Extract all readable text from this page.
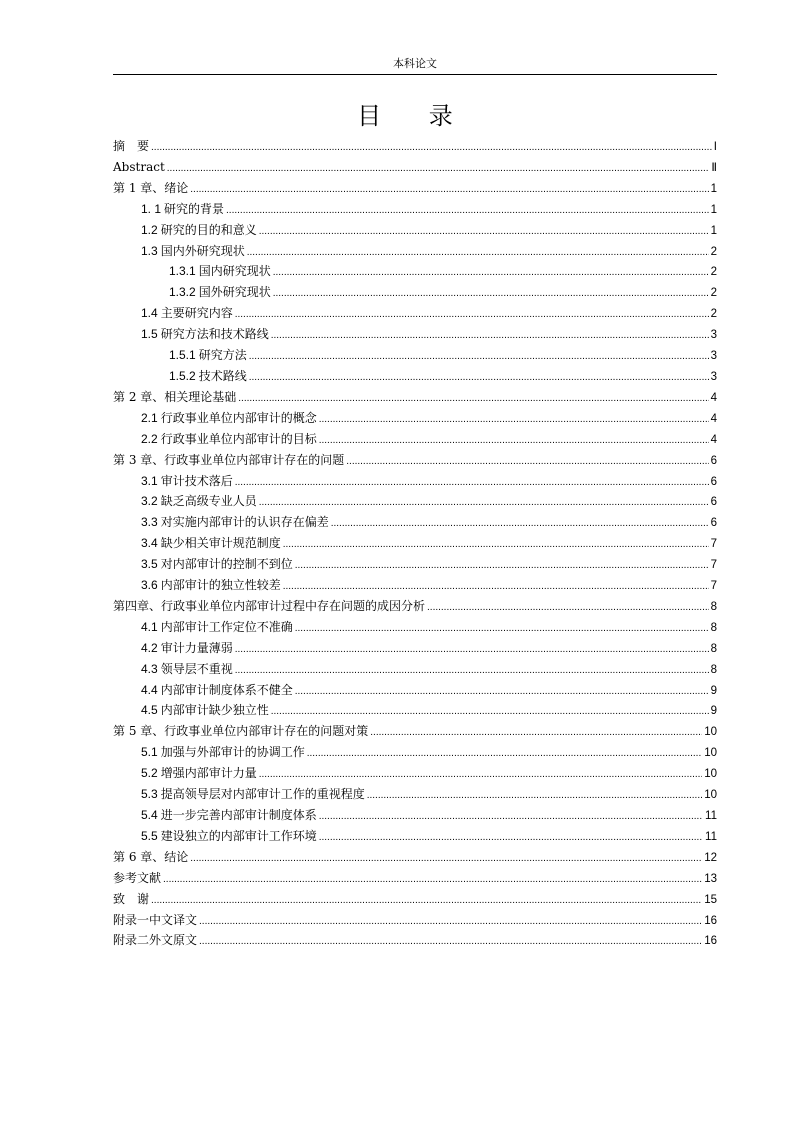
本科论文
目 录
摘　要 .....	I
Abstract .....	Ⅱ
第 1 章、绪论 .....	1
1. 1 研究的背景 .....	1
1.2 研究的目的和意义 .....	1
1.3 国内外研究现状 .....	2
1.3.1 国内研究现状 .....	2
1.3.2 国外研究现状 .....	2
1.4 主要研究内容 .....	2
1.5 研究方法和技术路线 .....	3
1.5.1 研究方法 .....	3
1.5.2 技术路线 .....	3
第 2 章、相关理论基础 .....	4
2.1 行政事业单位内部审计的概念 .....	4
2.2 行政事业单位内部审计的目标 .....	4
第 3 章、行政事业单位内部审计存在的问题 .....	6
3.1 审计技术落后 .....	6
3.2 缺乏高级专业人员 .....	6
3.3 对实施内部审计的认识存在偏差 .....	6
3.4 缺少相关审计规范制度 .....	7
3.5 对内部审计的控制不到位 .....	7
3.6 内部审计的独立性较差 .....	7
第四章、行政事业单位内部审计过程中存在问题的成因分析 .....	8
4.1 内部审计工作定位不准确 .....	8
4.2 审计力量薄弱 .....	8
4.3 领导层不重视 .....	8
4.4 内部审计制度体系不健全 .....	9
4.5 内部审计缺少独立性 .....	9
第 5 章、行政事业单位内部审计存在的问题对策 .....	10
5.1 加强与外部审计的协调工作 .....	10
5.2 增强内部审计力量 .....	10
5.3 提高领导层对内部审计工作的重视程度 .....	10
5.4 进一步完善内部审计制度体系 .....	11
5.5 建设独立的内部审计工作环境 .....	11
第 6 章、结论 .....	12
参考文献 .....	13
致　谢 .....	15
附录一中文译文 .....	16
附录二外文原文 .....	16
